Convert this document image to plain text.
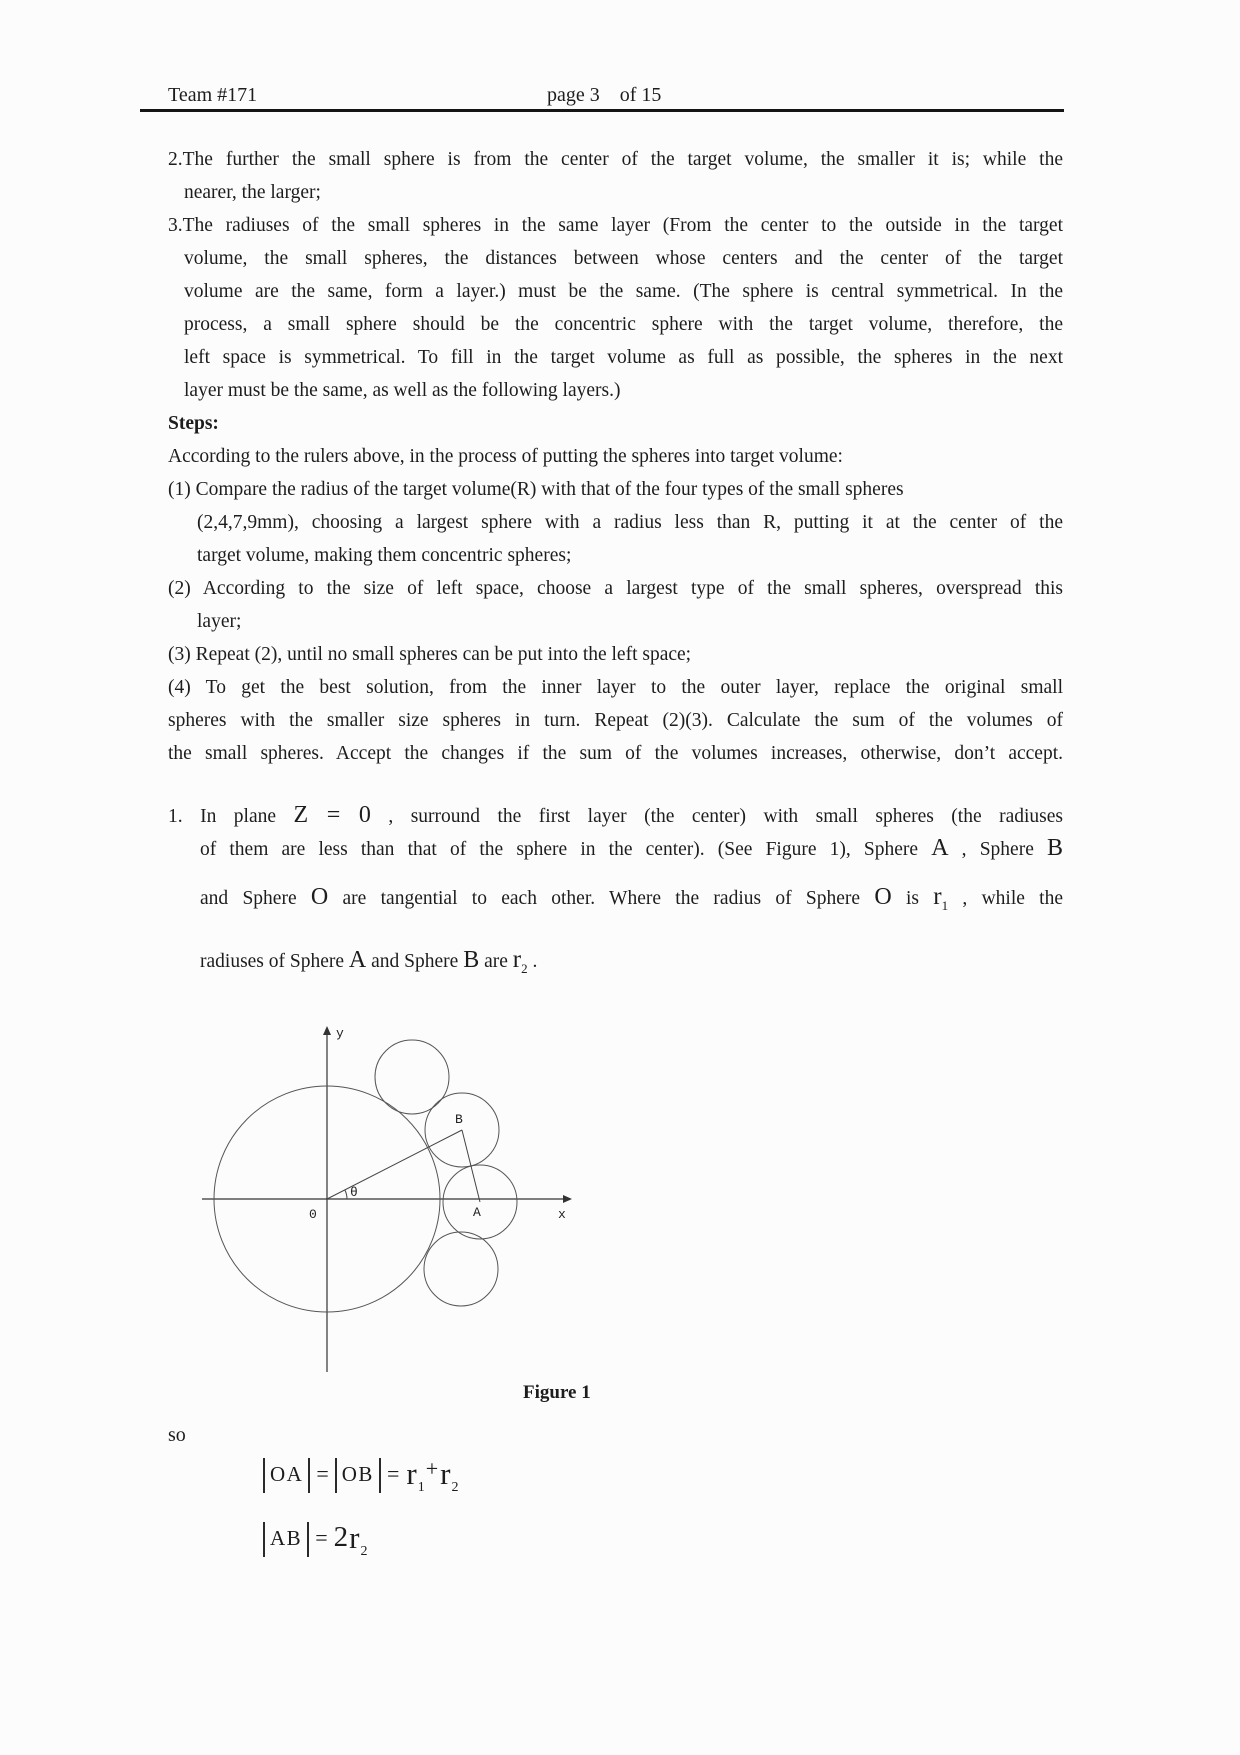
Team #171	page 3    of 15
2.The further the small sphere is from the center of the target volume, the smaller it is; while the
nearer, the larger;
3.The radiuses of the small spheres in the same layer (From the center to the outside in the target
volume, the small spheres, the distances between whose centers and the center of the target
volume are the same, form a layer.) must be the same. (The sphere is central symmetrical. In the
process, a small sphere should be the concentric sphere with the target volume, therefore, the
left space is symmetrical. To fill in the target volume as full as possible, the spheres in the next
layer must be the same, as well as the following layers.)
Steps:
According to the rulers above, in the process of putting the spheres into target volume:
(1) Compare the radius of the target volume(R) with that of the four types of the small spheres
(2,4,7,9mm), choosing a largest sphere with a radius less than R, putting it at the center of the
target volume, making them concentric spheres;
(2) According to the size of left space, choose a largest type of the small spheres, overspread this
layer;
(3) Repeat (2), until no small spheres can be put into the left space;
(4) To get the best solution, from the inner layer to the outer layer, replace the original small
spheres with the smaller size spheres in turn. Repeat (2)(3). Calculate the sum of the volumes of
the small spheres. Accept the changes if the sum of the volumes increases, otherwise, don’t accept.
1. In plane Z = 0 , surround the first layer (the center) with small spheres (the radiuses
of them are less than that of the sphere in the center). (See Figure 1), Sphere A , Sphere B
and Sphere O are tangential to each other. Where the radius of Sphere O is $r_1$ , while the
radiuses of Sphere A and Sphere B are $r_2$ .
0	x
y
A
B
θ
Figure 1
so
OA = OB = r1+r2
AB = 2r2
